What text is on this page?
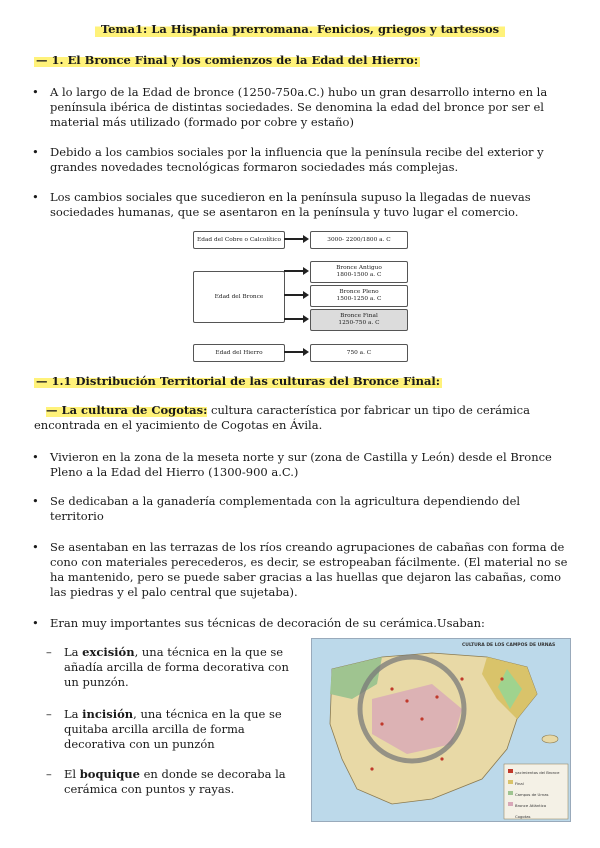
Tema1: La Hispania prerromana. Fenicios, griegos y tartessos
— 1. El Bronce Final y los comienzos de la Edad del Hierro:
• A lo largo de la Edad de bronce (1250-750a.C.) hubo un gran desarrollo interno en la península ibérica de distintas sociedades. Se denomina la edad del bronce por ser el material más utilizado (formado por cobre y estaño)
• Debido a los cambios sociales por la influencia que la península recibe del exterior y grandes novedades tecnológicas formaron sociedades más complejas.
• Los cambios sociales que sucedieron en la península supuso la llegadas de nuevas sociedades humanas, que se asentaron en la península y tuvo lugar el comercio.
Edad del Cobre o Calcolítico
Edad del Bronce
Edad del Hierro
3000- 2200/1800 a. C
Bronce Antiguo
1800-1500 a. C
Bronce Pleno
1500-1250 a. C
Bronce Final
1250-750 a. C
750 a. C
— 1.1 Distribución Territorial de las culturas del Bronce Final:
— La cultura de Cogotas: cultura característica por fabricar un tipo de cerámica encontrada en el yacimiento de Cogotas en Ávila.
• Vivieron en la zona de la meseta norte y sur (zona de Castilla y León) desde el Bronce Pleno a la Edad del Hierro (1300-900 a.C.)
• Se dedicaban a la ganadería complementada con la agricultura dependiendo del territorio
• Se asentaban en las terrazas de los ríos creando agrupaciones de cabañas con forma de cono con materiales perecederos, es decir, se estropeaban fácilmente. (El material no se ha mantenido, pero se puede saber gracias a las huellas que dejaron las cabañas, como las piedras y el palo central que sujetaba).
• Eran muy importantes sus técnicas de decoración de su cerámica.Usaban:
– La excisión, una técnica en la que se añadía arcilla de forma decorativa con un punzón.
– La incisión, una técnica en la que se quitaba arcilla arcilla de forma decorativa con un punzón
– El boquique en donde se decoraba la cerámica con puntos y rayas.
CULTURA DE LOS CAMPOS DE URNAS
yacimientos del Bronce Final
Campos de Urnas
Bronce Atlántico
Cogotas
